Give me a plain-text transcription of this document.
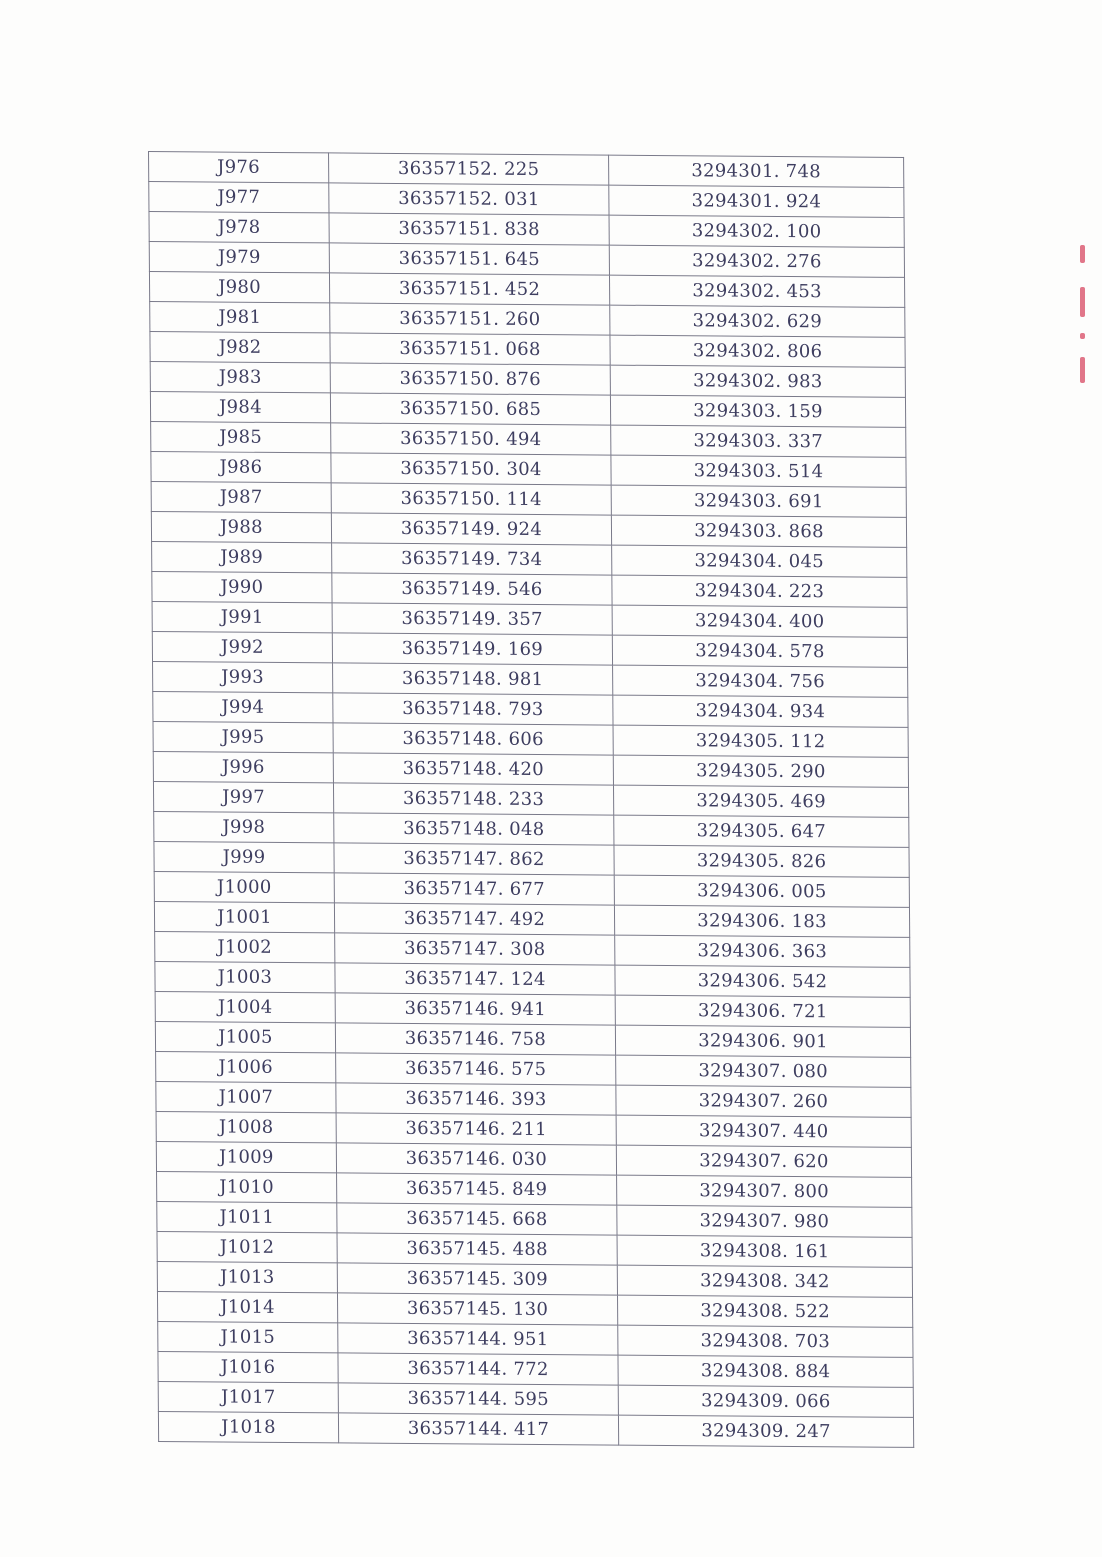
J976	36357152. 225	3294301. 748
J977	36357152. 031	3294301. 924
J978	36357151. 838	3294302. 100
J979	36357151. 645	3294302. 276
J980	36357151. 452	3294302. 453
J981	36357151. 260	3294302. 629
J982	36357151. 068	3294302. 806
J983	36357150. 876	3294302. 983
J984	36357150. 685	3294303. 159
J985	36357150. 494	3294303. 337
J986	36357150. 304	3294303. 514
J987	36357150. 114	3294303. 691
J988	36357149. 924	3294303. 868
J989	36357149. 734	3294304. 045
J990	36357149. 546	3294304. 223
J991	36357149. 357	3294304. 400
J992	36357149. 169	3294304. 578
J993	36357148. 981	3294304. 756
J994	36357148. 793	3294304. 934
J995	36357148. 606	3294305. 112
J996	36357148. 420	3294305. 290
J997	36357148. 233	3294305. 469
J998	36357148. 048	3294305. 647
J999	36357147. 862	3294305. 826
J1000	36357147. 677	3294306. 005
J1001	36357147. 492	3294306. 183
J1002	36357147. 308	3294306. 363
J1003	36357147. 124	3294306. 542
J1004	36357146. 941	3294306. 721
J1005	36357146. 758	3294306. 901
J1006	36357146. 575	3294307. 080
J1007	36357146. 393	3294307. 260
J1008	36357146. 211	3294307. 440
J1009	36357146. 030	3294307. 620
J1010	36357145. 849	3294307. 800
J1011	36357145. 668	3294307. 980
J1012	36357145. 488	3294308. 161
J1013	36357145. 309	3294308. 342
J1014	36357145. 130	3294308. 522
J1015	36357144. 951	3294308. 703
J1016	36357144. 772	3294308. 884
J1017	36357144. 595	3294309. 066
J1018	36357144. 417	3294309. 247
